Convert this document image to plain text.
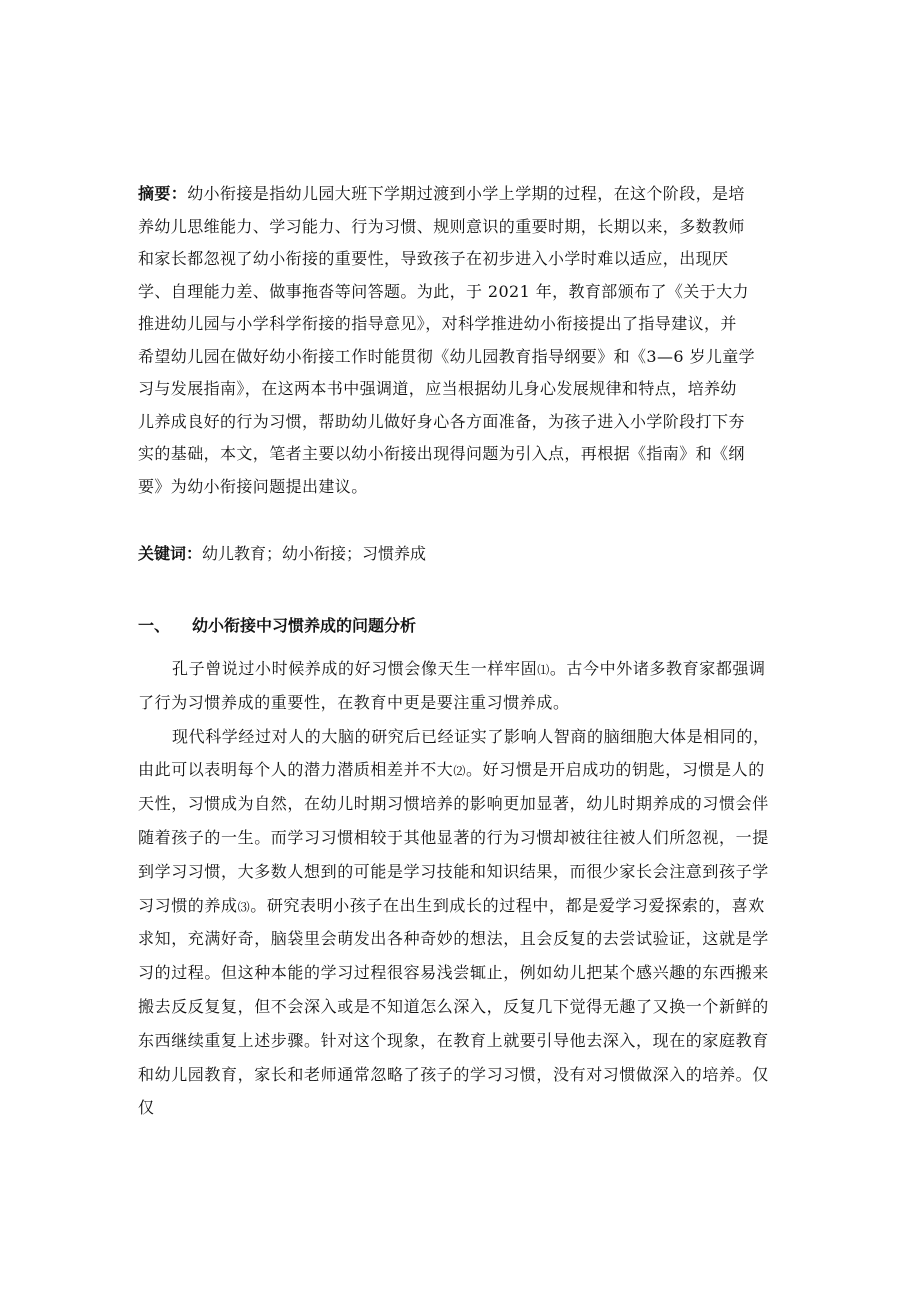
摘要：幼小衔接是指幼儿园大班下学期过渡到小学上学期的过程，在这个阶段，是培
养幼儿思维能力、学习能力、行为习惯、规则意识的重要时期，长期以来，多数教师
和家长都忽视了幼小衔接的重要性，导致孩子在初步进入小学时难以适应，出现厌
学、自理能力差、做事拖沓等问答题。为此，于 2021 年，教育部颁布了《关于大力
推进幼儿园与小学科学衔接的指导意见》，对科学推进幼小衔接提出了指导建议，并
希望幼儿园在做好幼小衔接工作时能贯彻《幼儿园教育指导纲要》和《3—6 岁儿童学
习与发展指南》，在这两本书中强调道，应当根据幼儿身心发展规律和特点，培养幼
儿养成良好的行为习惯，帮助幼儿做好身心各方面准备，为孩子进入小学阶段打下夯
实的基础，本文，笔者主要以幼小衔接出现得问题为引入点，再根据《指南》和《纲
要》为幼小衔接问题提出建议。
关键词：幼儿教育；幼小衔接；习惯养成
一、 幼小衔接中习惯养成的问题分析
孔子曾说过小时候养成的好习惯会像天生一样牢固⑴。古今中外诸多教育家都强调
了行为习惯养成的重要性，在教育中更是要注重习惯养成。
现代科学经过对人的大脑的研究后已经证实了影响人智商的脑细胞大体是相同的，
由此可以表明每个人的潜力潜质相差并不大⑵。好习惯是开启成功的钥匙，习惯是人的
天性，习惯成为自然，在幼儿时期习惯培养的影响更加显著，幼儿时期养成的习惯会伴
随着孩子的一生。而学习习惯相较于其他显著的行为习惯却被往往被人们所忽视，一提
到学习习惯，大多数人想到的可能是学习技能和知识结果，而很少家长会注意到孩子学
习习惯的养成⑶。研究表明小孩子在出生到成长的过程中，都是爱学习爱探索的，喜欢
求知，充满好奇，脑袋里会萌发出各种奇妙的想法，且会反复的去尝试验证，这就是学
习的过程。但这种本能的学习过程很容易浅尝辄止，例如幼儿把某个感兴趣的东西搬来
搬去反反复复，但不会深入或是不知道怎么深入，反复几下觉得无趣了又换一个新鲜的
东西继续重复上述步骤。针对这个现象，在教育上就要引导他去深入，现在的家庭教育
和幼儿园教育，家长和老师通常忽略了孩子的学习习惯，没有对习惯做深入的培养。仅
仅
